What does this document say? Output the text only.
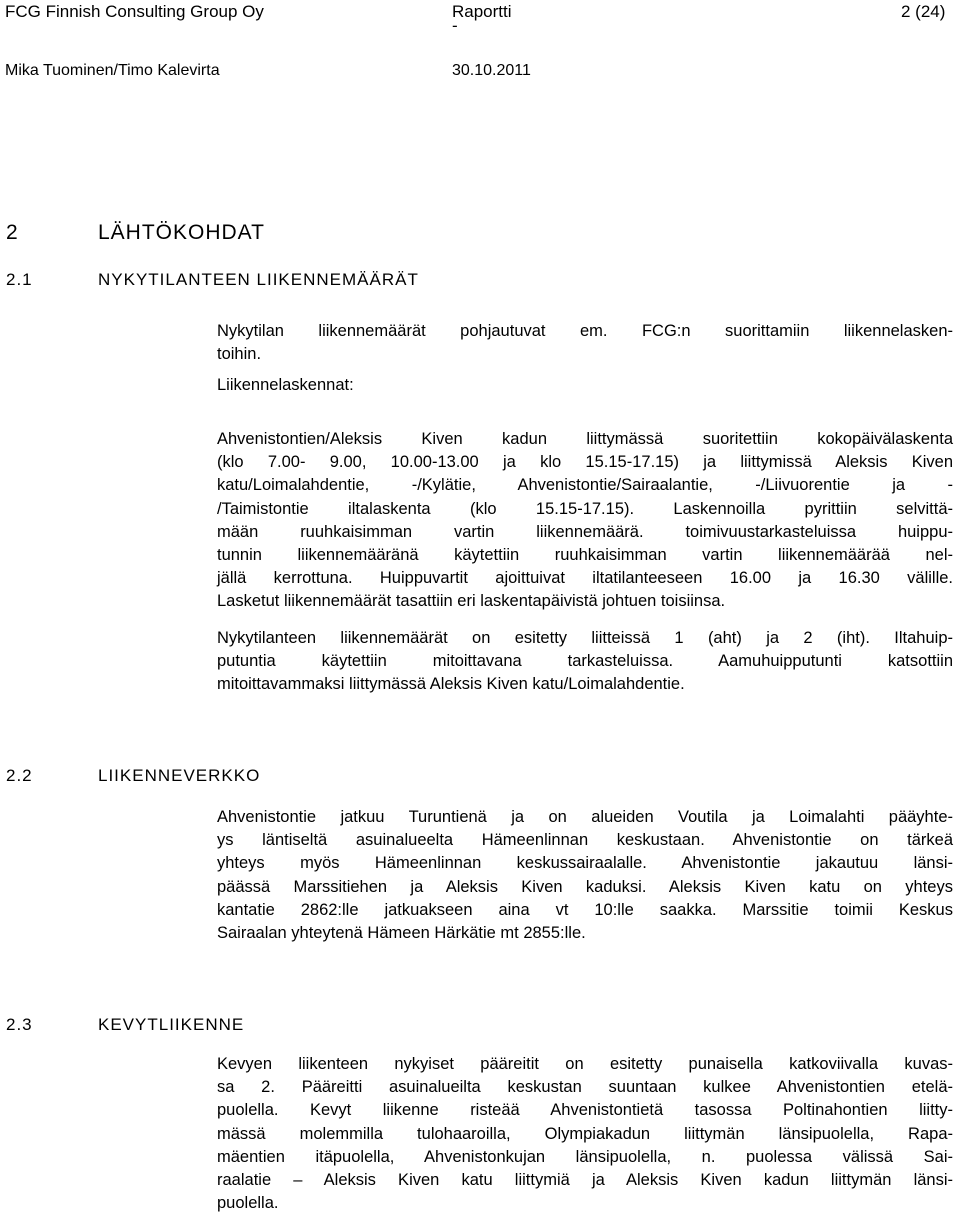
FCG Finnish Consulting Group Oy	Raportti
-
2 (24)
Mika Tuominen/Timo Kalevirta	30.10.2011
2	LÄHTÖKOHDAT
2.1	NYKYTILANTEEN LIIKENNEMÄÄRÄT
Nykytilan liikennemäärät pohjautuvat em. FCG:n suorittamiin liikennelasken-
toihin.
Liikennelaskennat:
Ahvenistontien/Aleksis Kiven kadun liittymässä suoritettiin kokopäivälaskenta
(klo 7.00- 9.00, 10.00-13.00 ja klo 15.15-17.15) ja liittymissä Aleksis Kiven
katu/Loimalahdentie, -/Kylätie, Ahvenistontie/Sairaalantie, -/Liivuorentie ja -
/Taimistontie iltalaskenta (klo 15.15-17.15). Laskennoilla pyrittiin selvittä-
mään ruuhkaisimman vartin liikennemäärä. toimivuustarkasteluissa huippu-
tunnin liikennemääränä käytettiin ruuhkaisimman vartin liikennemäärää nel-
jällä kerrottuna. Huippuvartit ajoittuivat iltatilanteeseen 16.00 ja 16.30 välille.
Lasketut liikennemäärät tasattiin eri laskentapäivistä johtuen toisiinsa.
Nykytilanteen liikennemäärät on esitetty liitteissä 1 (aht) ja 2 (iht). Iltahuip-
putuntia käytettiin mitoittavana tarkasteluissa. Aamuhuipputunti katsottiin
mitoittavammaksi liittymässä Aleksis Kiven katu/Loimalahdentie.
2.2	LIIKENNEVERKKO
Ahvenistontie jatkuu Turuntienä ja on alueiden Voutila ja Loimalahti pääyhte-
ys läntiseltä asuinalueelta Hämeenlinnan keskustaan. Ahvenistontie on tärkeä
yhteys myös Hämeenlinnan keskussairaalalle. Ahvenistontie jakautuu länsi-
päässä Marssitiehen ja Aleksis Kiven kaduksi. Aleksis Kiven katu on yhteys
kantatie 2862:lle jatkuakseen aina vt 10:lle saakka. Marssitie toimii Keskus
Sairaalan yhteytenä Hämeen Härkätie mt 2855:lle.
2.3	KEVYTLIIKENNE
Kevyen liikenteen nykyiset pääreitit on esitetty punaisella katkoviivalla kuvas-
sa 2. Pääreitti asuinalueilta keskustan suuntaan kulkee Ahvenistontien etelä-
puolella. Kevyt liikenne risteää Ahvenistontietä tasossa Poltinahontien liitty-
mässä molemmilla tulohaaroilla, Olympiakadun liittymän länsipuolella, Rapa-
mäentien itäpuolella, Ahvenistonkujan länsipuolella, n. puolessa välissä Sai-
raalatie – Aleksis Kiven katu liittymiä ja Aleksis Kiven kadun liittymän länsi-
puolella.
